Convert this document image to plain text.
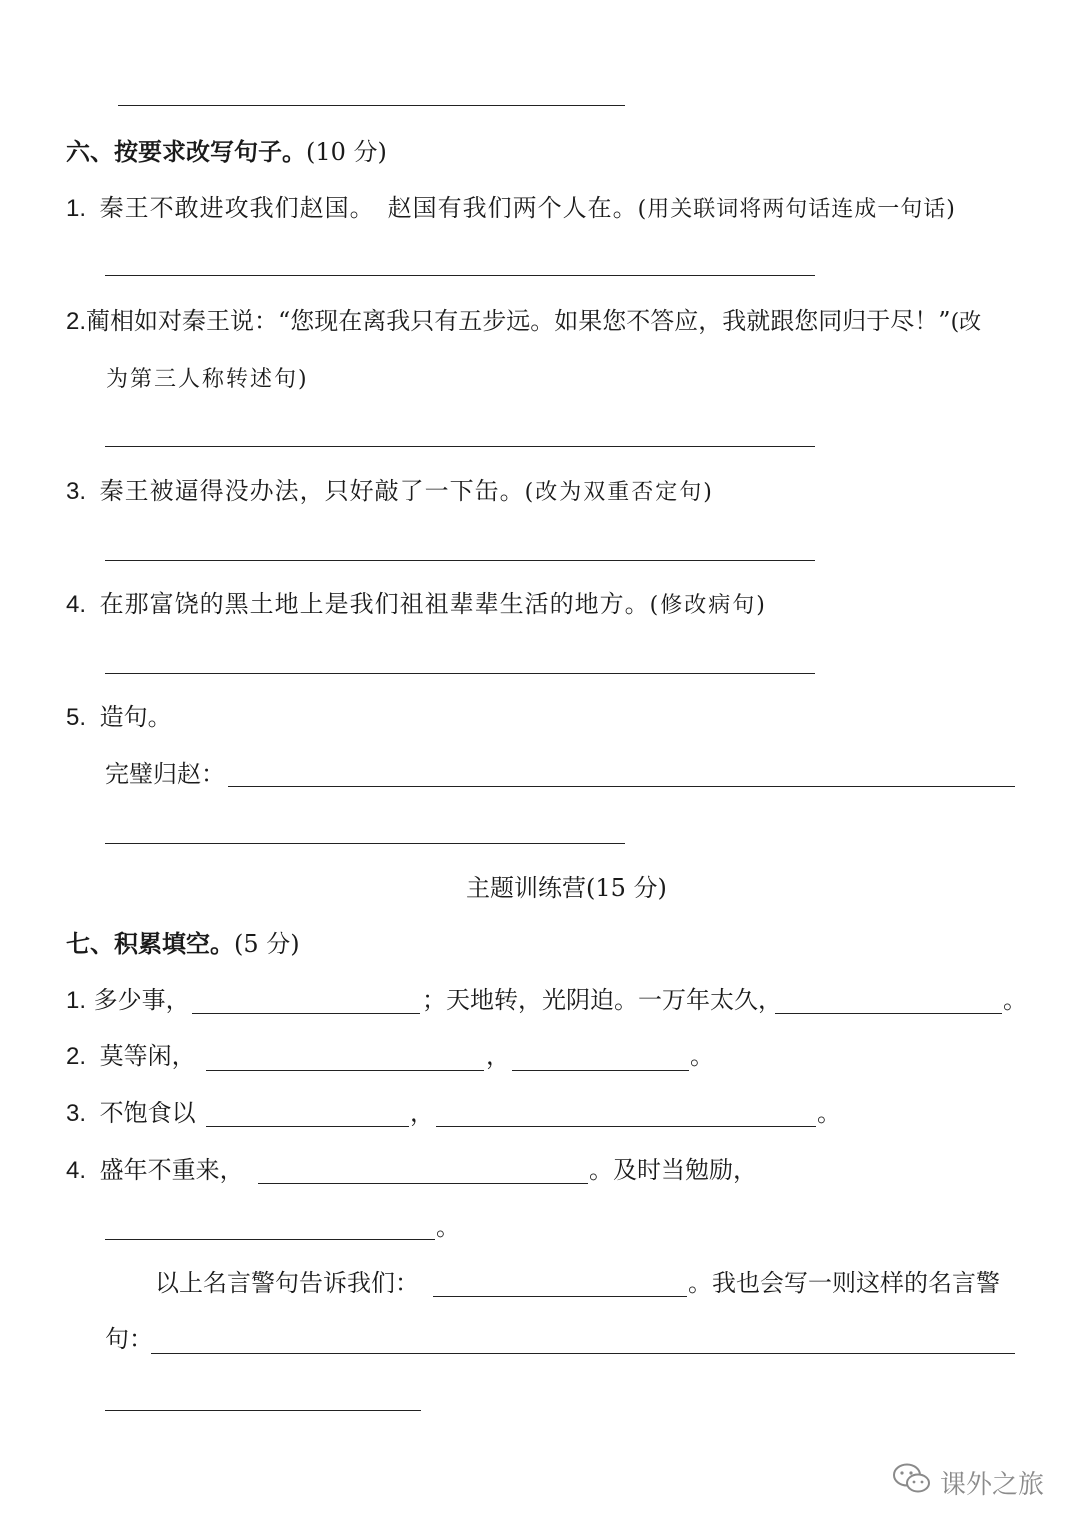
六、按要求改写句子。(10 分)
1. 秦王不敢进攻我们赵国。　赵国有我们两个人在。(用关联词将两句话连成一句话)
2.蔺相如对秦王说：“您现在离我只有五步远。如果您不答应，我就跟您同归于尽！”(改
为第三人称转述句)
3. 秦王被逼得没办法，只好敲了一下缶。(改为双重否定句)
4. 在那富饶的黑土地上是我们祖祖辈辈生活的地方。(修改病句)
5. 造句。
完璧归赵：
主题训练营(15 分)
七、积累填空。(5 分)
1. 多少事，	；天地转，光阴迫。一万年太久，	。
2. 莫等闲，	，	。
3. 不饱食以	，	。
4. 盛年不重来，	。及时当勉励，
。
以上名言警句告诉我们：	。我也会写一则这样的名言警
句：
课外之旅
